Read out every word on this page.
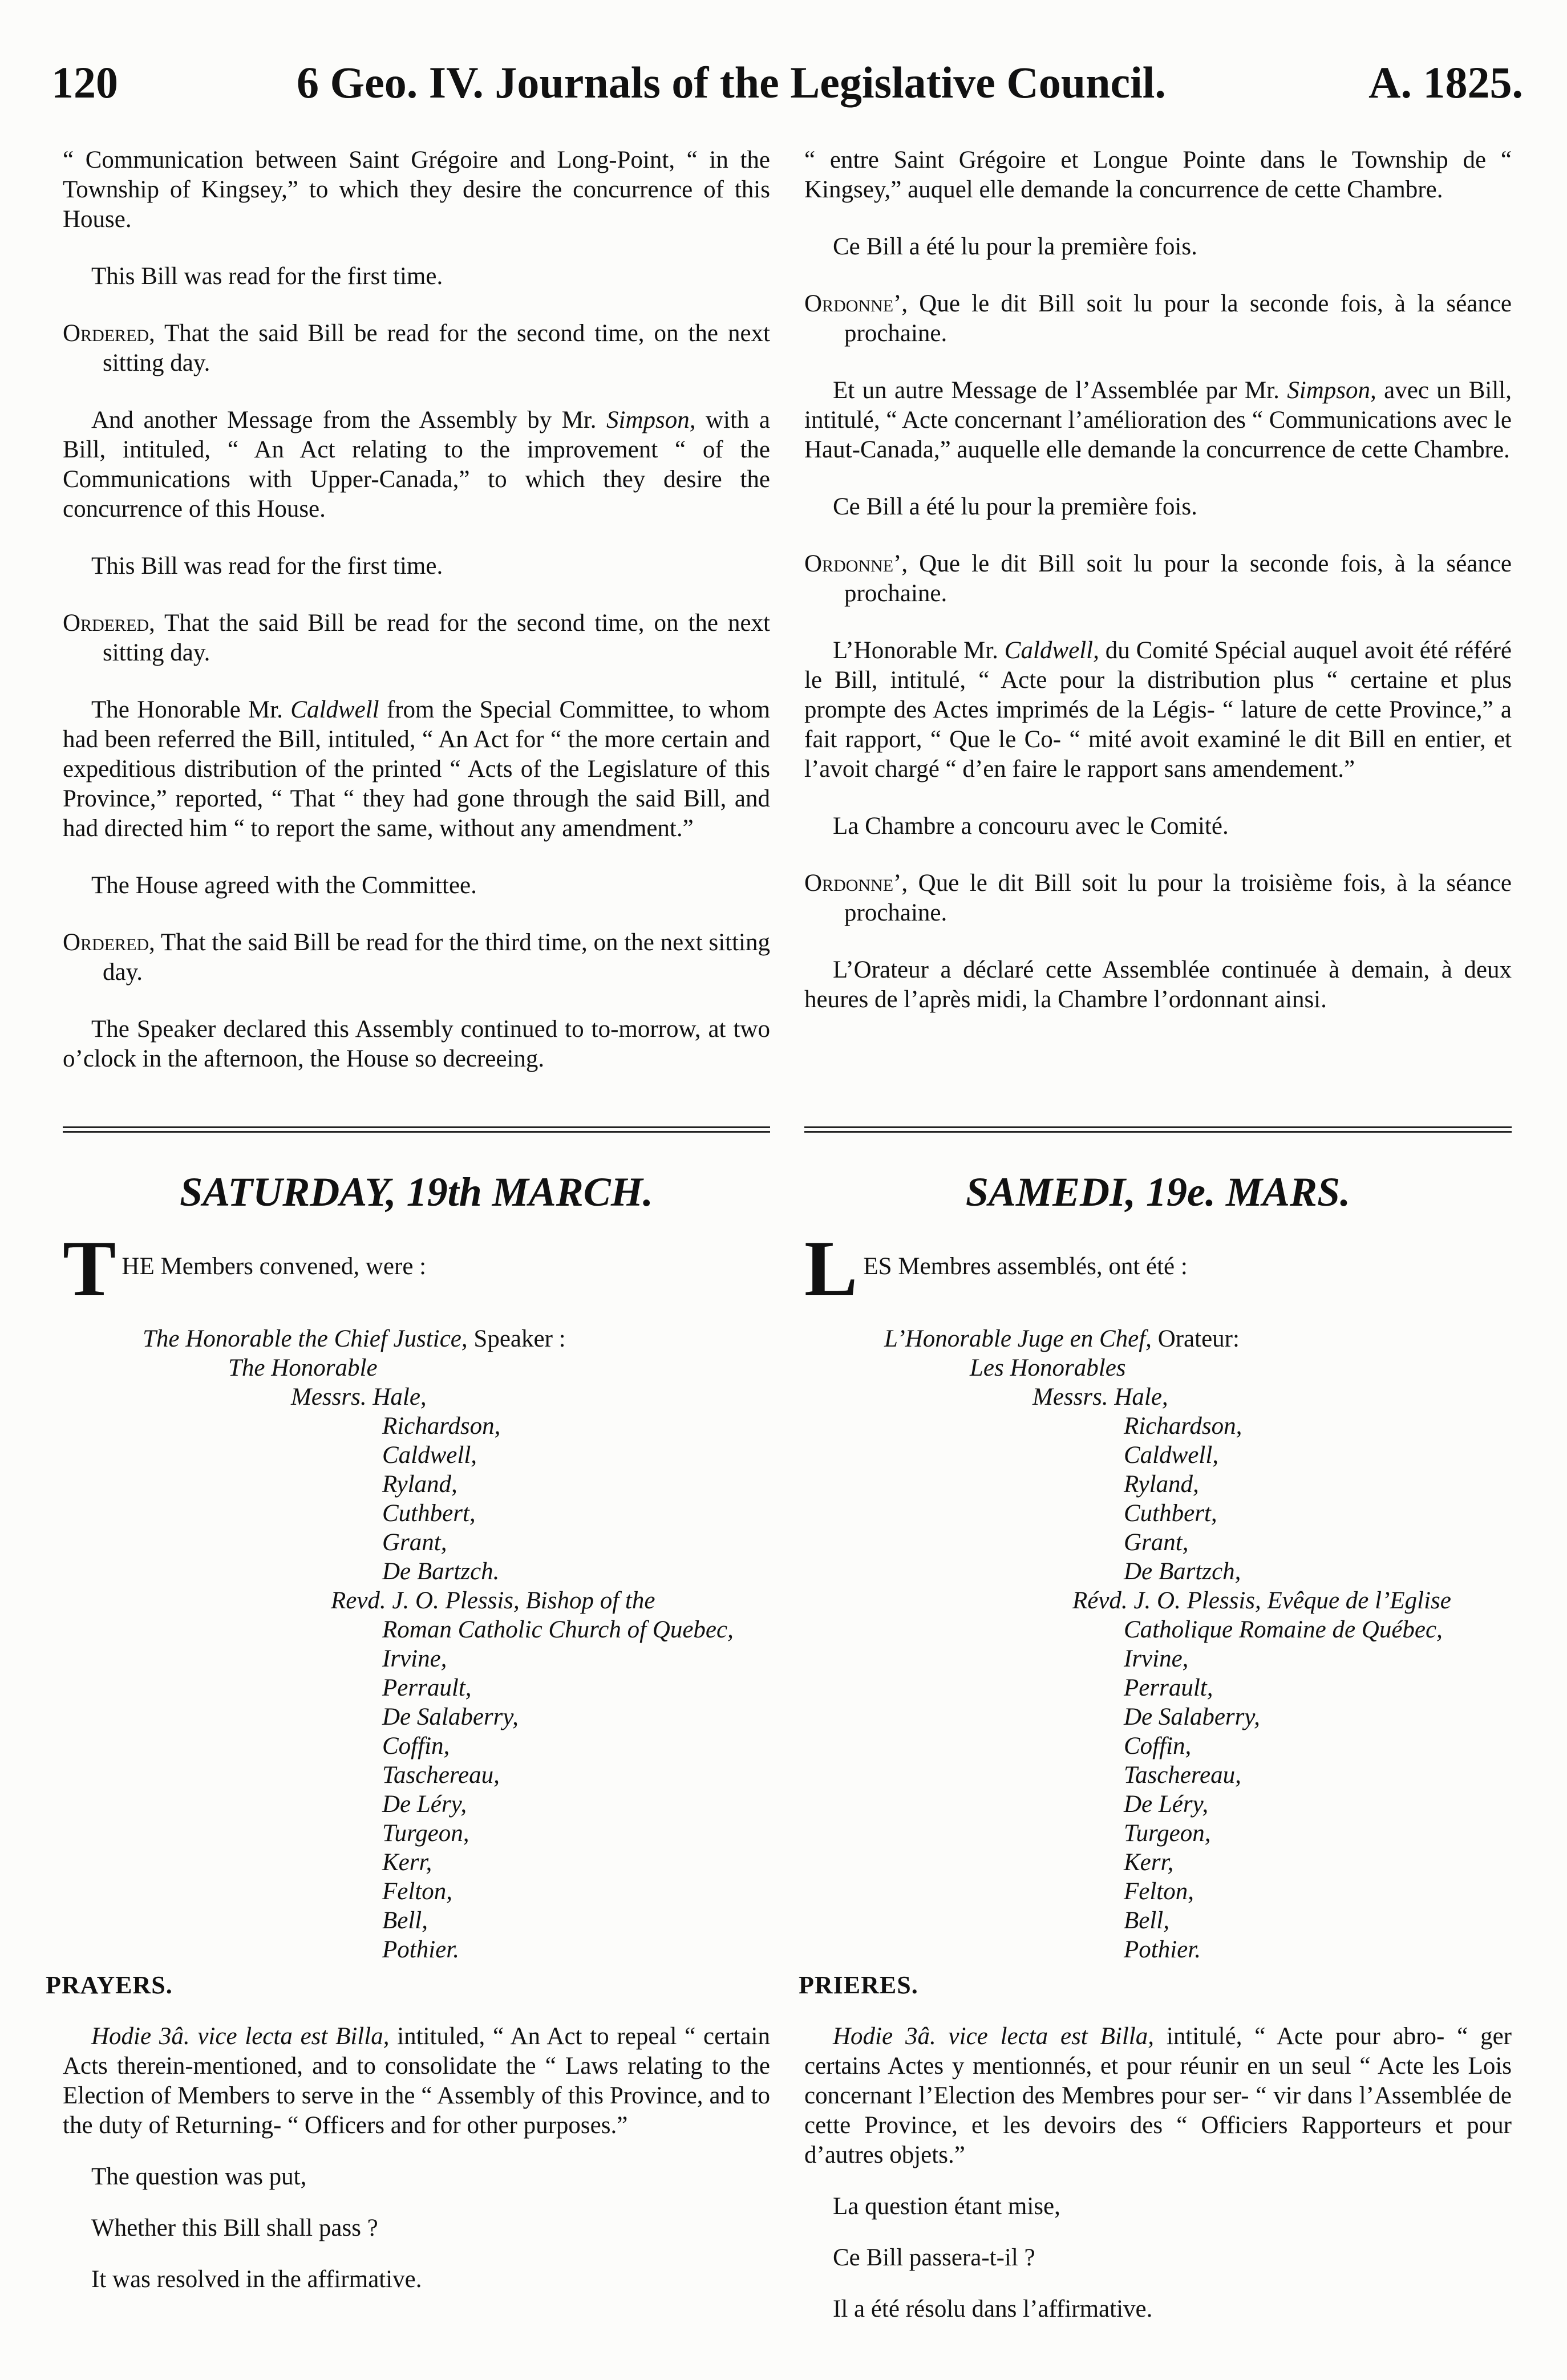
120	6 Geo. IV. Journals of the Legislative Council.	A. 1825.

“ Communication between Saint Grégoire and Long-Point, “ in the Township of Kingsey,” to which they desire the concurrence of this House.

This Bill was read for the first time.

Ordered, That the said Bill be read for the second time, on the next sitting day.

And another Message from the Assembly by Mr. Simpson, with a Bill, intituled, “ An Act relating to the improvement “ of the Communications with Upper-Canada,” to which they desire the concurrence of this House.

This Bill was read for the first time.

Ordered, That the said Bill be read for the second time, on the next sitting day.

The Honorable Mr. Caldwell from the Special Committee, to whom had been referred the Bill, intituled, “ An Act for “ the more certain and expeditious distribution of the printed “ Acts of the Legislature of this Province,” reported, “ That “ they had gone through the said Bill, and had directed him “ to report the same, without any amendment.”

The House agreed with the Committee.

Ordered, That the said Bill be read for the third time, on the next sitting day.

The Speaker declared this Assembly continued to to-morrow, at two o’clock in the afternoon, the House so decreeing.

“ entre Saint Grégoire et Longue Pointe dans le Township de “ Kingsey,” auquel elle demande la concurrence de cette Chambre.

Ce Bill a été lu pour la première fois.

Ordonne’, Que le dit Bill soit lu pour la seconde fois, à la séance prochaine.

Et un autre Message de l’Assemblée par Mr. Simpson, avec un Bill, intitulé, “ Acte concernant l’amélioration des “ Communications avec le Haut-Canada,” auquelle elle demande la concurrence de cette Chambre.

Ce Bill a été lu pour la première fois.

Ordonne’, Que le dit Bill soit lu pour la seconde fois, à la séance prochaine.

L’Honorable Mr. Caldwell, du Comité Spécial auquel avoit été référé le Bill, intitulé, “ Acte pour la distribution plus “ certaine et plus prompte des Actes imprimés de la Légis- “ lature de cette Province,” a fait rapport, “ Que le Co- “ mité avoit examiné le dit Bill en entier, et l’avoit chargé “ d’en faire le rapport sans amendement.”

La Chambre a concouru avec le Comité.

Ordonne’, Que le dit Bill soit lu pour la troisième fois, à la séance prochaine.

L’Orateur a déclaré cette Assemblée continuée à demain, à deux heures de l’après midi, la Chambre l’ordonnant ainsi.

SATURDAY, 19th MARCH.	SAMEDI, 19e. MARS.
THE Members convened, were :	LES Membres assemblés, ont été :
The Honorable the Chief Justice, Speaker :
The Honorable
Messrs. Hale,
Richardson,
Caldwell,
Ryland,
Cuthbert,
Grant,
De Bartzch.
Revd. J. O. Plessis, Bishop of the
Roman Catholic Church of Quebec,
Irvine,
Perrault,
De Salaberry,
Coffin,
Taschereau,
De Léry,
Turgeon,
Kerr,
Felton,
Bell,
Pothier.
L’Honorable Juge en Chef, Orateur:
Les Honorables
Messrs. Hale,
Richardson,
Caldwell,
Ryland,
Cuthbert,
Grant,
De Bartzch,
Révd. J. O. Plessis, Evêque de l’Eglise
Catholique Romaine de Québec,
Irvine,
Perrault,
De Salaberry,
Coffin,
Taschereau,
De Léry,
Turgeon,
Kerr,
Felton,
Bell,
Pothier.
PRAYERS.	PRIERES.

Hodie 3â. vice lecta est Billa, intituled, “ An Act to repeal “ certain Acts therein-mentioned, and to consolidate the “ Laws relating to the Election of Members to serve in the “ Assembly of this Province, and to the duty of Returning- “ Officers and for other purposes.”

The question was put,

Whether this Bill shall pass ?

It was resolved in the affirmative.

Hodie 3â. vice lecta est Billa, intitulé, “ Acte pour abro- “ ger certains Actes y mentionnés, et pour réunir en un seul “ Acte les Lois concernant l’Election des Membres pour ser- “ vir dans l’Assemblée de cette Province, et les devoirs des “ Officiers Rapporteurs et pour d’autres objets.”

La question étant mise,

Ce Bill passera-t-il ?

Il a été résolu dans l’affirmative.
